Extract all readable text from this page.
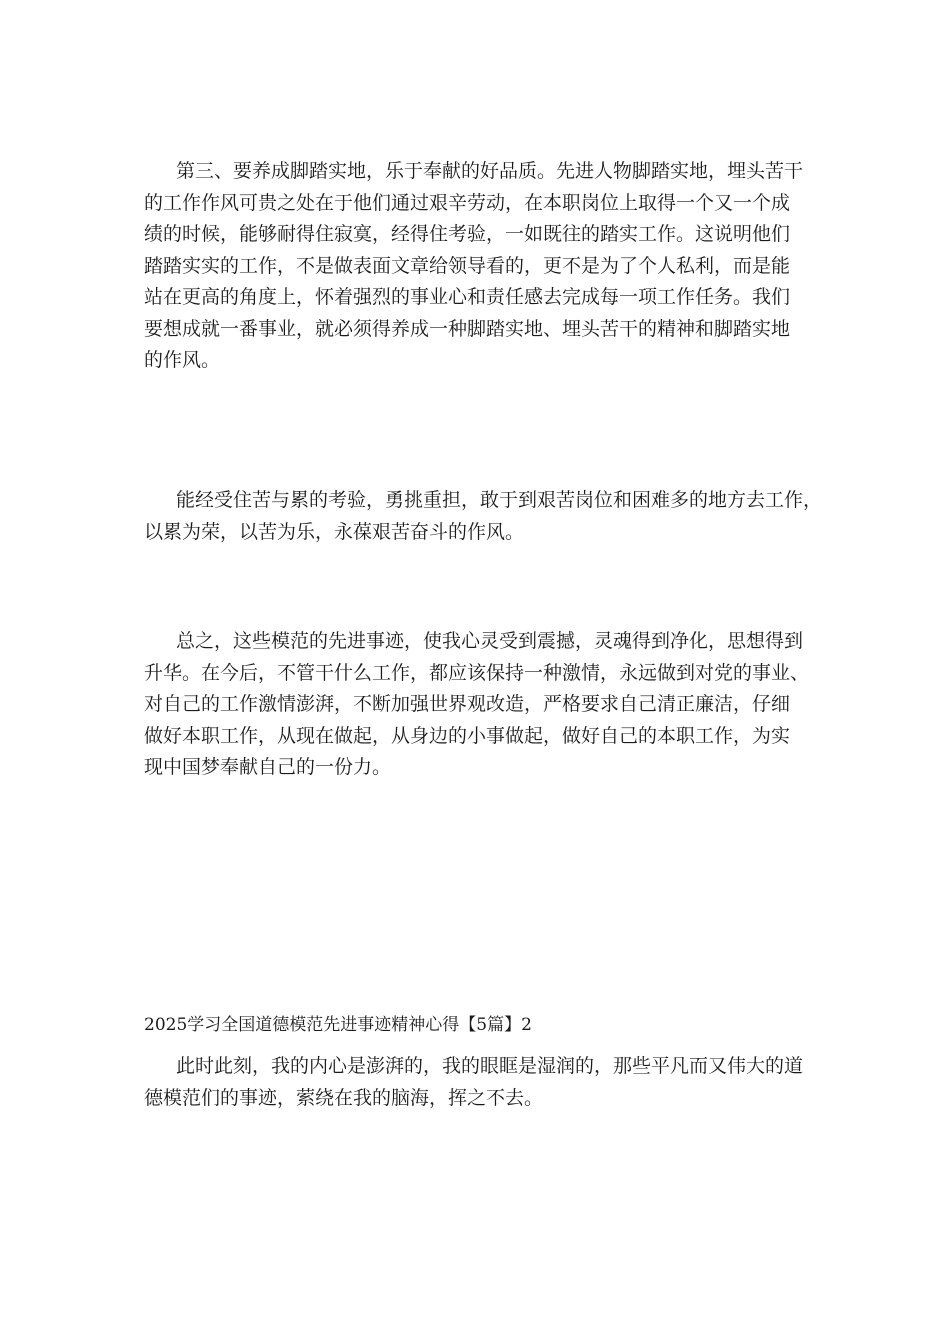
第三、要养成脚踏实地，乐于奉献的好品质。先进人物脚踏实地，埋头苦干
的工作作风可贵之处在于他们通过艰辛劳动，在本职岗位上取得一个又一个成
绩的时候，能够耐得住寂寞，经得住考验，一如既往的踏实工作。这说明他们
踏踏实实的工作，不是做表面文章给领导看的，更不是为了个人私利，而是能
站在更高的角度上，怀着强烈的事业心和责任感去完成每一项工作任务。我们
要想成就一番事业，就必须得养成一种脚踏实地、埋头苦干的精神和脚踏实地
的作风。

能经受住苦与累的考验，勇挑重担，敢于到艰苦岗位和困难多的地方去工作，
以累为荣，以苦为乐，永葆艰苦奋斗的作风。

总之，这些模范的先进事迹，使我心灵受到震撼，灵魂得到净化，思想得到
升华。在今后，不管干什么工作，都应该保持一种激情，永远做到对党的事业、
对自己的工作激情澎湃，不断加强世界观改造，严格要求自己清正廉洁，仔细
做好本职工作，从现在做起，从身边的小事做起，做好自己的本职工作，为实
现中国梦奉献自己的一份力。

2025学习全国道德模范先进事迹精神心得【5篇】2

此时此刻，我的内心是澎湃的，我的眼眶是湿润的，那些平凡而又伟大的道
德模范们的事迹，萦绕在我的脑海，挥之不去。
